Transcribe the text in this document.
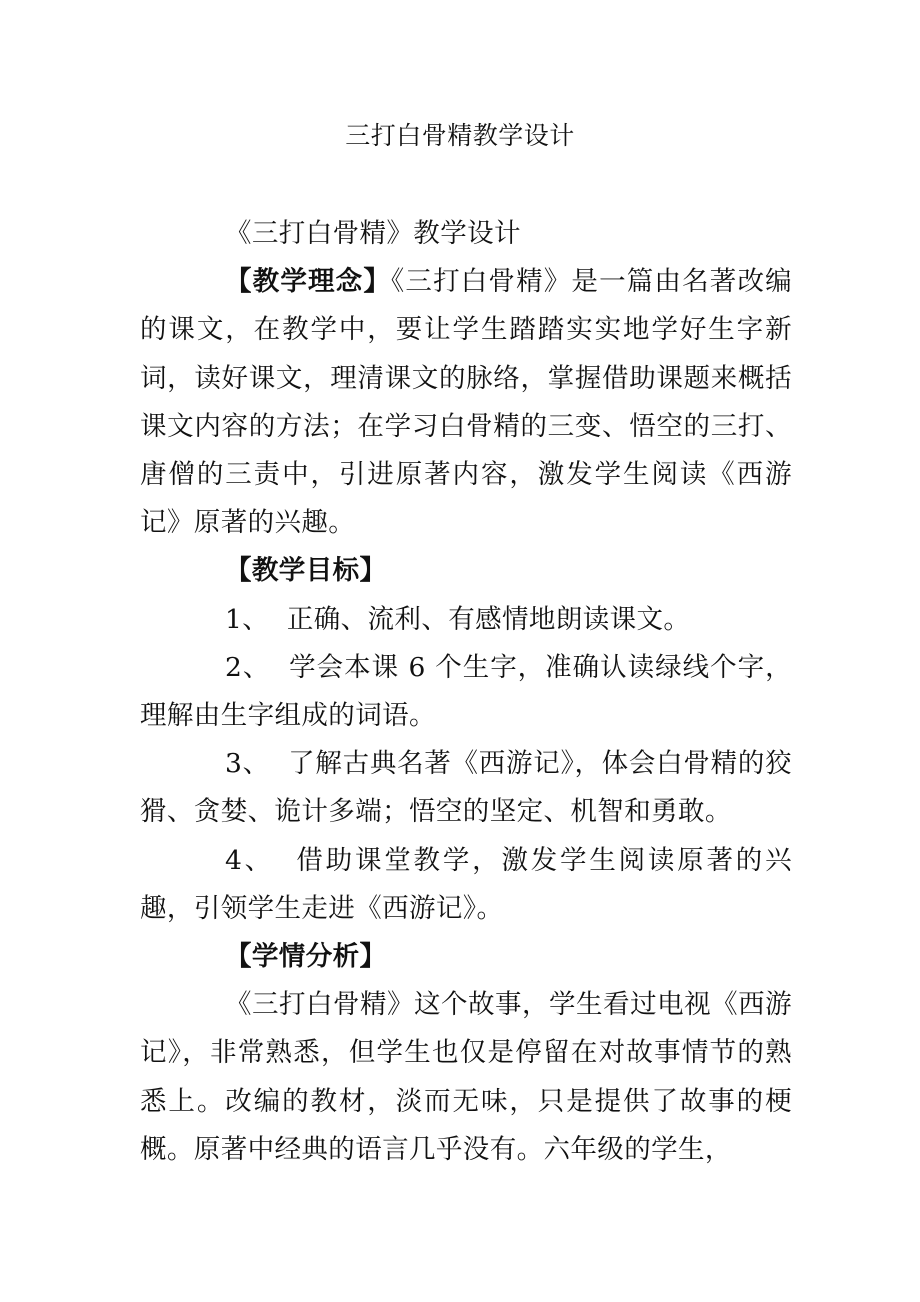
三打白骨精教学设计

《三打白骨精》教学设计

【教学理念】《三打白骨精》是一篇由名著改编的课文，在教学中，要让学生踏踏实实地学好生字新词，读好课文，理清课文的脉络，掌握借助课题来概括课文内容的方法；在学习白骨精的三变、悟空的三打、唐僧的三责中，引进原著内容，激发学生阅读《西游记》原著的兴趣。

【教学目标】

1、 正确、流利、有感情地朗读课文。

2、 学会本课 6 个生字，准确认读绿线个字，理解由生字组成的词语。

3、 了解古典名著《西游记》，体会白骨精的狡猾、贪婪、诡计多端；悟空的坚定、机智和勇敢。

4、 借助课堂教学，激发学生阅读原著的兴趣，引领学生走进《西游记》。

【学情分析】

《三打白骨精》这个故事，学生看过电视《西游记》，非常熟悉，但学生也仅是停留在对故事情节的熟悉上。改编的教材，淡而无味，只是提供了故事的梗概。原著中经典的语言几乎没有。六年级的学生，
